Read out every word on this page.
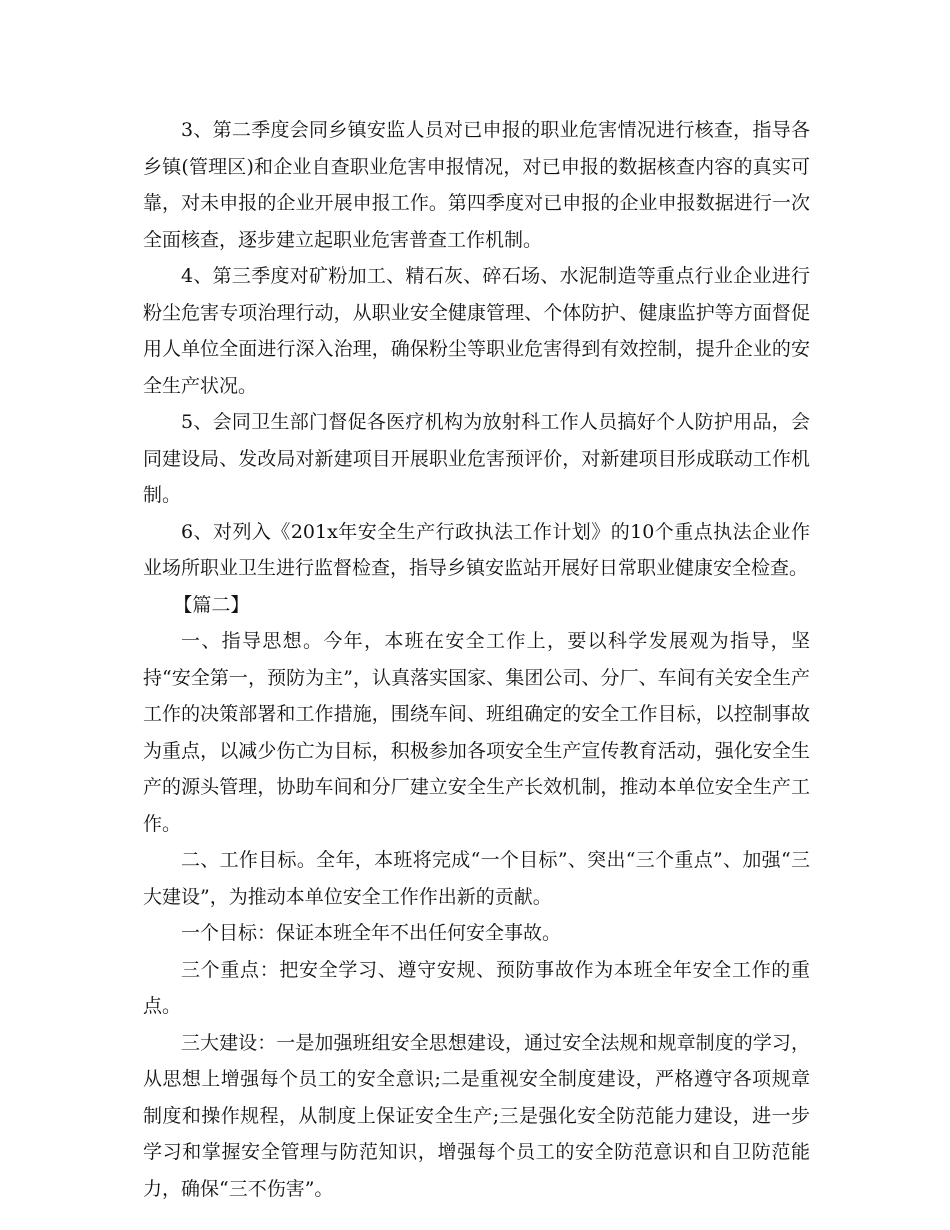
3、第二季度会同乡镇安监人员对已申报的职业危害情况进行核查，指导各乡镇(管理区)和企业自查职业危害申报情况，对已申报的数据核查内容的真实可靠，对未申报的企业开展申报工作。第四季度对已申报的企业申报数据进行一次全面核查，逐步建立起职业危害普查工作机制。

4、第三季度对矿粉加工、精石灰、碎石场、水泥制造等重点行业企业进行粉尘危害专项治理行动，从职业安全健康管理、个体防护、健康监护等方面督促用人单位全面进行深入治理，确保粉尘等职业危害得到有效控制，提升企业的安全生产状况。

5、会同卫生部门督促各医疗机构为放射科工作人员搞好个人防护用品，会同建设局、发改局对新建项目开展职业危害预评价，对新建项目形成联动工作机制。

6、对列入《201x年安全生产行政执法工作计划》的10个重点执法企业作业场所职业卫生进行监督检查，指导乡镇安监站开展好日常职业健康安全检查。

【篇二】

一、指导思想。今年，本班在安全工作上，要以科学发展观为指导，坚持“安全第一，预防为主”，认真落实国家、集团公司、分厂、车间有关安全生产工作的决策部署和工作措施，围绕车间、班组确定的安全工作目标，以控制事故为重点，以减少伤亡为目标，积极参加各项安全生产宣传教育活动，强化安全生产的源头管理，协助车间和分厂建立安全生产长效机制，推动本单位安全生产工作。

二、工作目标。全年，本班将完成“一个目标”、突出“三个重点”、加强“三大建设”，为推动本单位安全工作作出新的贡献。

一个目标：保证本班全年不出任何安全事故。

三个重点：把安全学习、遵守安规、预防事故作为本班全年安全工作的重点。

三大建设：一是加强班组安全思想建设，通过安全法规和规章制度的学习，从思想上增强每个员工的安全意识;二是重视安全制度建设，严格遵守各项规章制度和操作规程，从制度上保证安全生产;三是强化安全防范能力建设，进一步学习和掌握安全管理与防范知识，增强每个员工的安全防范意识和自卫防范能力，确保“三不伤害”。
